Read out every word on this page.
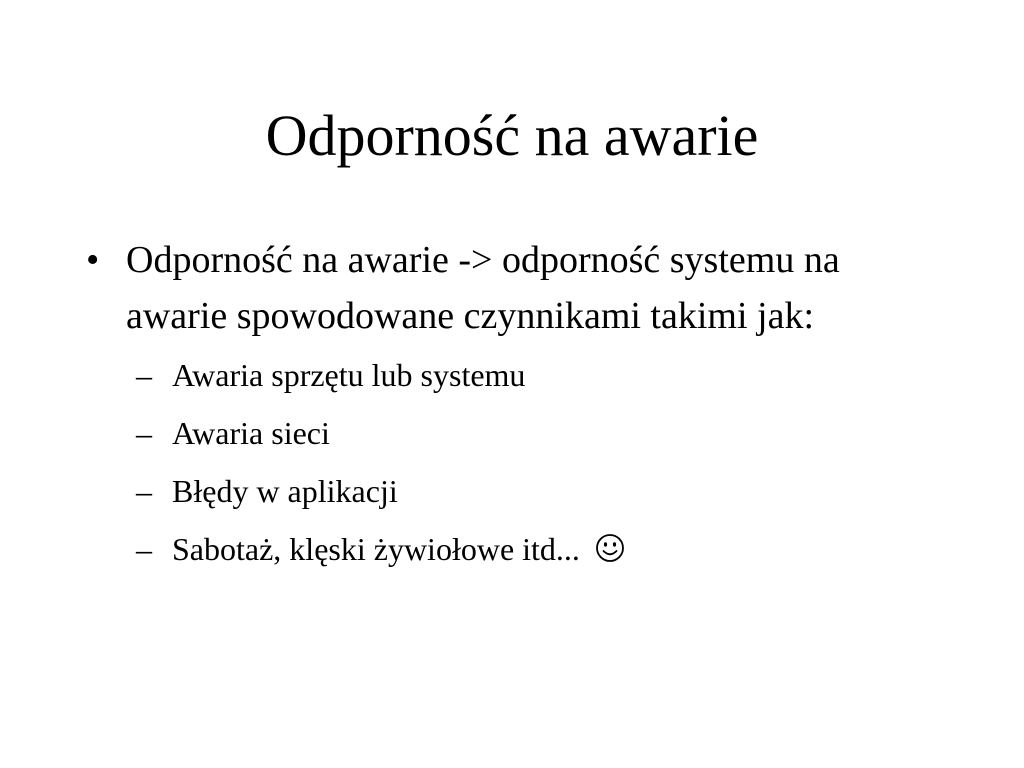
Odporność na awarie
• Odporność na awarie -> odporność systemu na awarie spowodowane czynnikami takimi jak:
– Awaria sprzętu lub systemu
– Awaria sieci
– Błędy w aplikacji
– Sabotaż, klęski żywiołowe itd...
